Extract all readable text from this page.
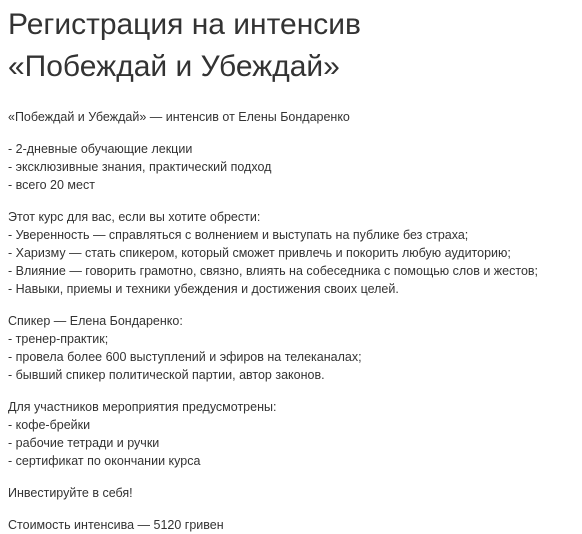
Регистрация на интенсив
«Побеждай и Убеждай»

«Побеждай и Убеждай» — интенсив от Елены Бондаренко

- 2-дневные обучающие лекции
- эксклюзивные знания, практический подход
- всего 20 мест

Этот курс для вас, если вы хотите обрести:
- Уверенность — справляться с волнением и выступать на публике без страха;
- Харизму — стать спикером, который сможет привлечь и покорить любую аудиторию;
- Влияние — говорить грамотно, связно, влиять на собеседника с помощью слов и жестов;
- Навыки, приемы и техники убеждения и достижения своих целей.

Спикер — Елена Бондаренко:
- тренер-практик;
- провела более 600 выступлений и эфиров на телеканалах;
- бывший спикер политической партии, автор законов.

Для участников мероприятия предусмотрены:
- кофе-брейки
- рабочие тетради и ручки
- сертификат по окончании курса

Инвестируйте в себя!

Стоимость интенсива — 5120 гривен
